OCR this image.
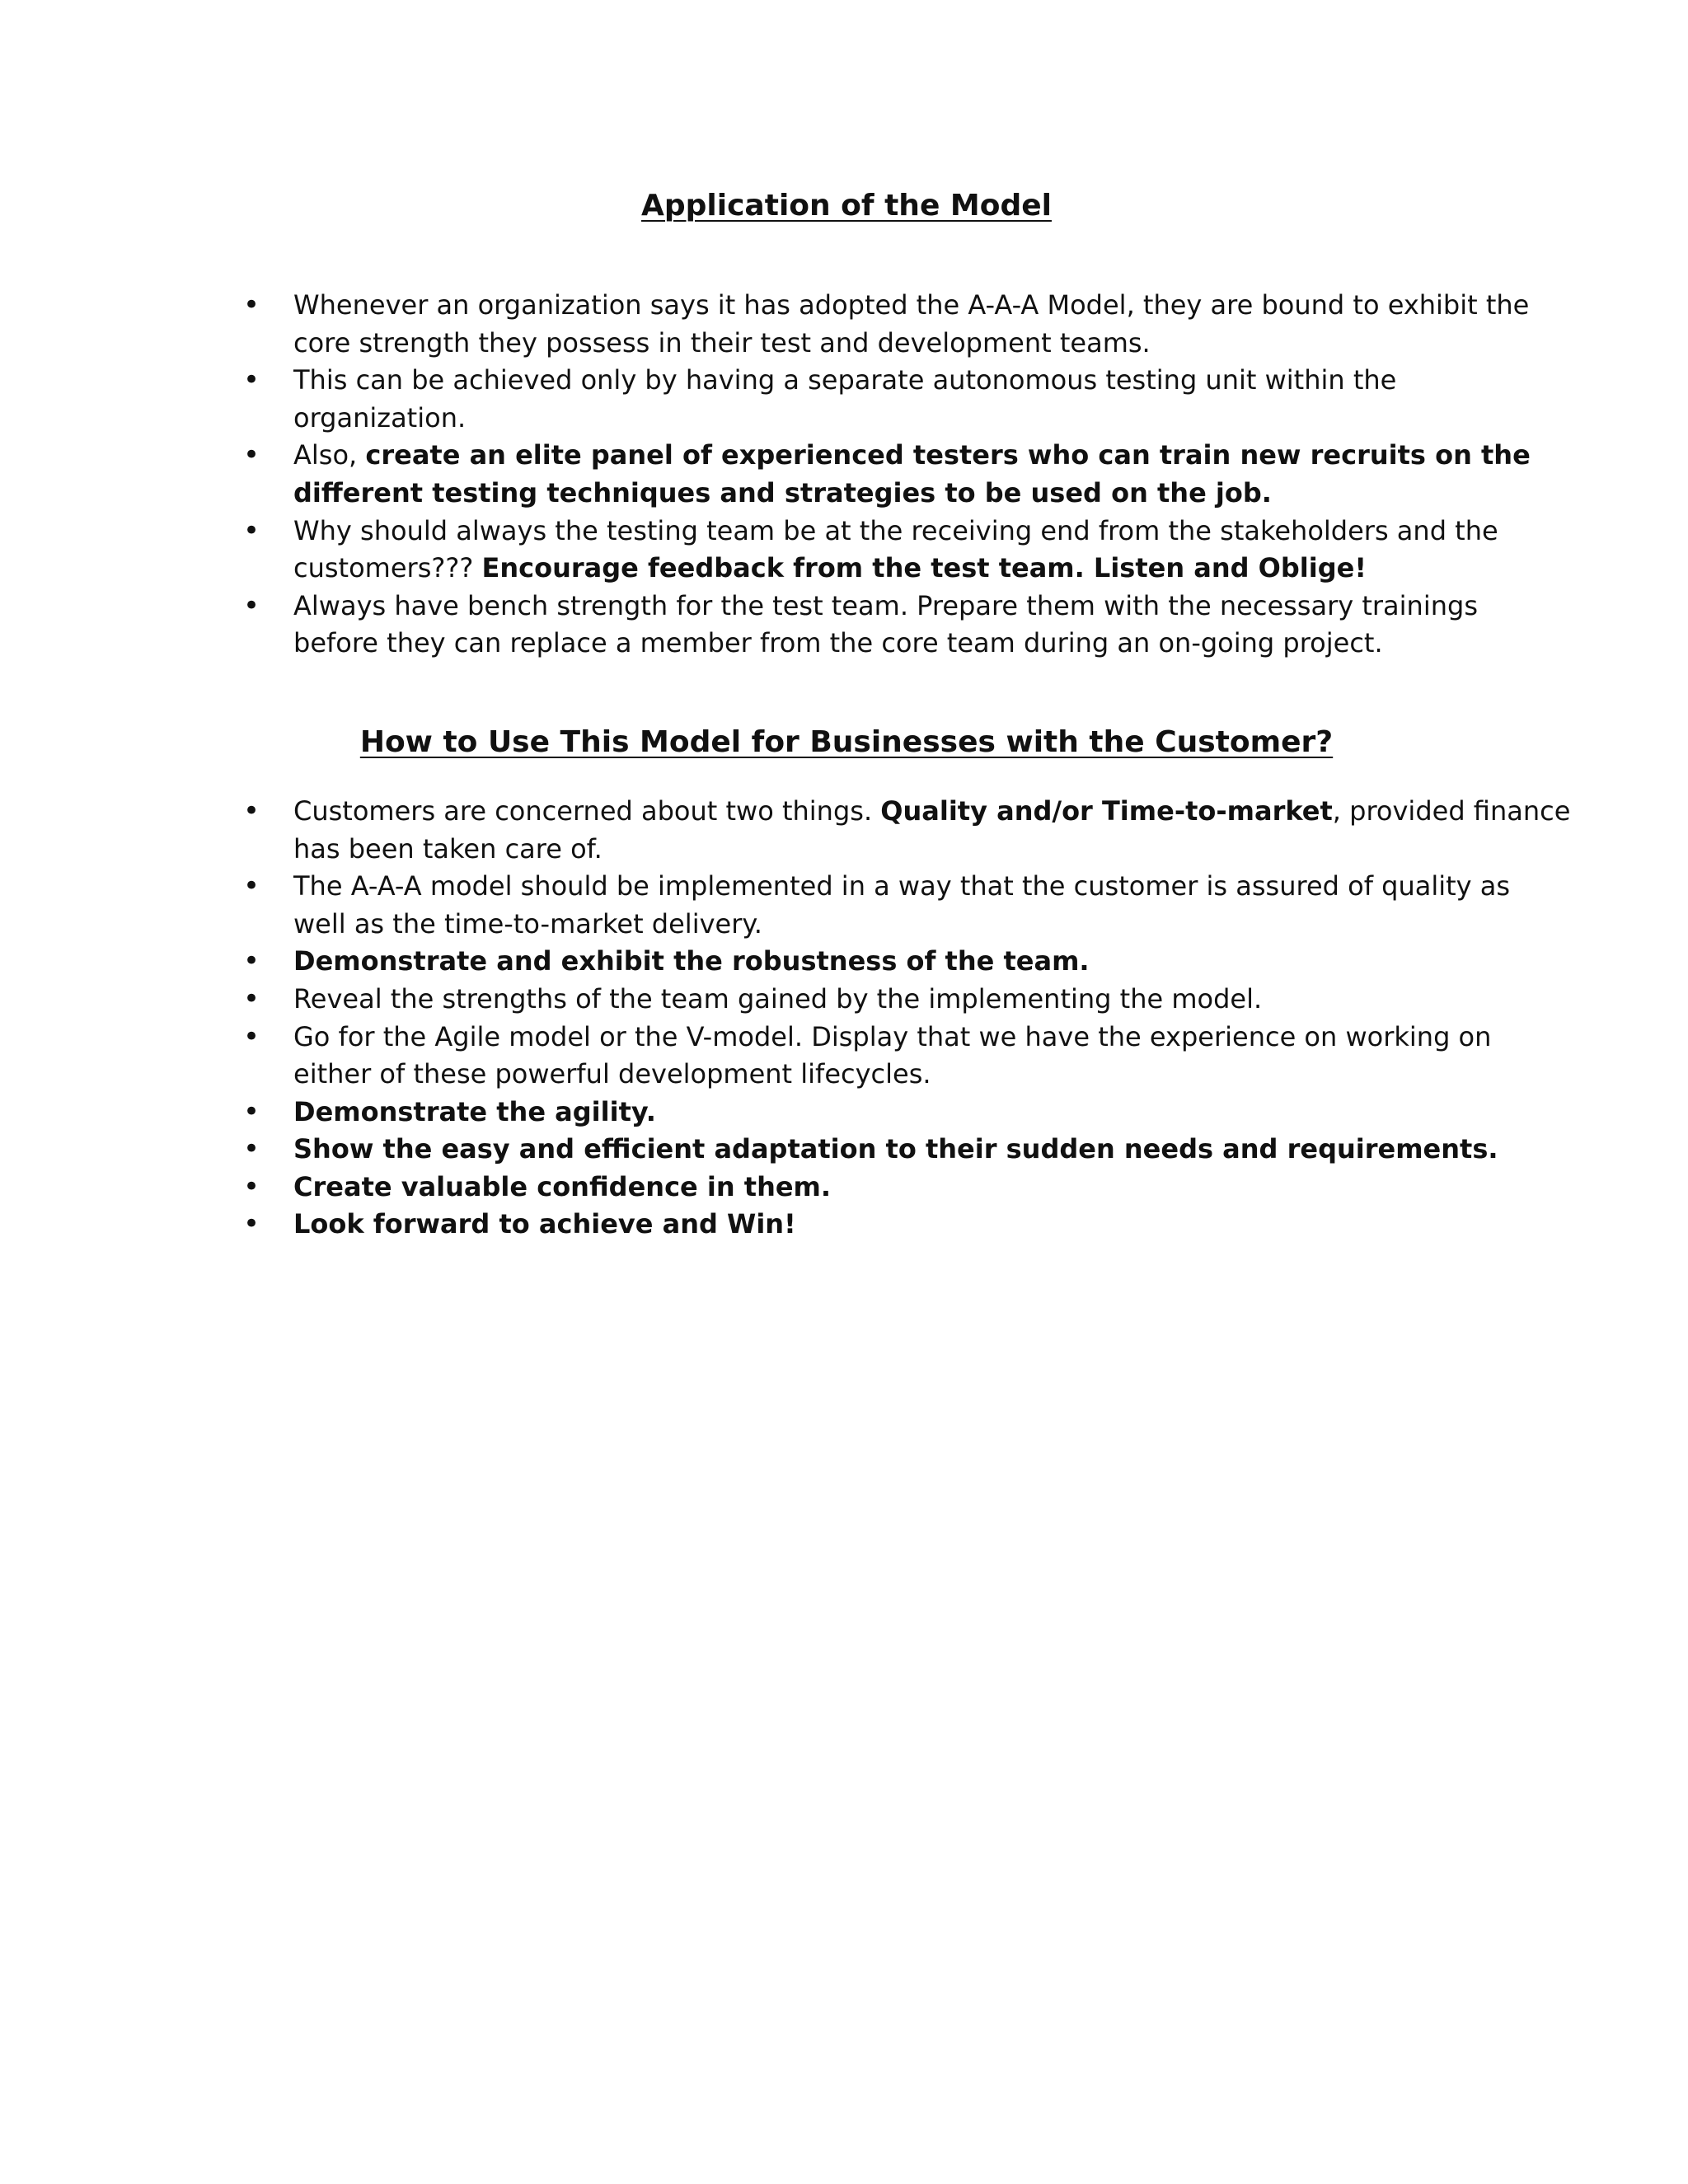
Application of the Model
•	Whenever an organization says it has adopted the A-A-A Model, they are bound to exhibit the
core strength they possess in their test and development teams.
•	This can be achieved only by having a separate autonomous testing unit within the
organization.
•	Also, create an elite panel of experienced testers who can train new recruits on the
different testing techniques and strategies to be used on the job.
•	Why should always the testing team be at the receiving end from the stakeholders and the
customers??? Encourage feedback from the test team. Listen and Oblige!
•	Always have bench strength for the test team. Prepare them with the necessary trainings
before they can replace a member from the core team during an on-going project.
How to Use This Model for Businesses with the Customer?
•	Customers are concerned about two things. Quality and/or Time-to-market, provided finance
has been taken care of.
•	The A-A-A model should be implemented in a way that the customer is assured of quality as
well as the time-to-market delivery.
•	Demonstrate and exhibit the robustness of the team.
•	Reveal the strengths of the team gained by the implementing the model.
•	Go for the Agile model or the V-model. Display that we have the experience on working on
either of these powerful development lifecycles.
•	Demonstrate the agility.
•	Show the easy and efficient adaptation to their sudden needs and requirements.
•	Create valuable confidence in them.
•	Look forward to achieve and Win!
